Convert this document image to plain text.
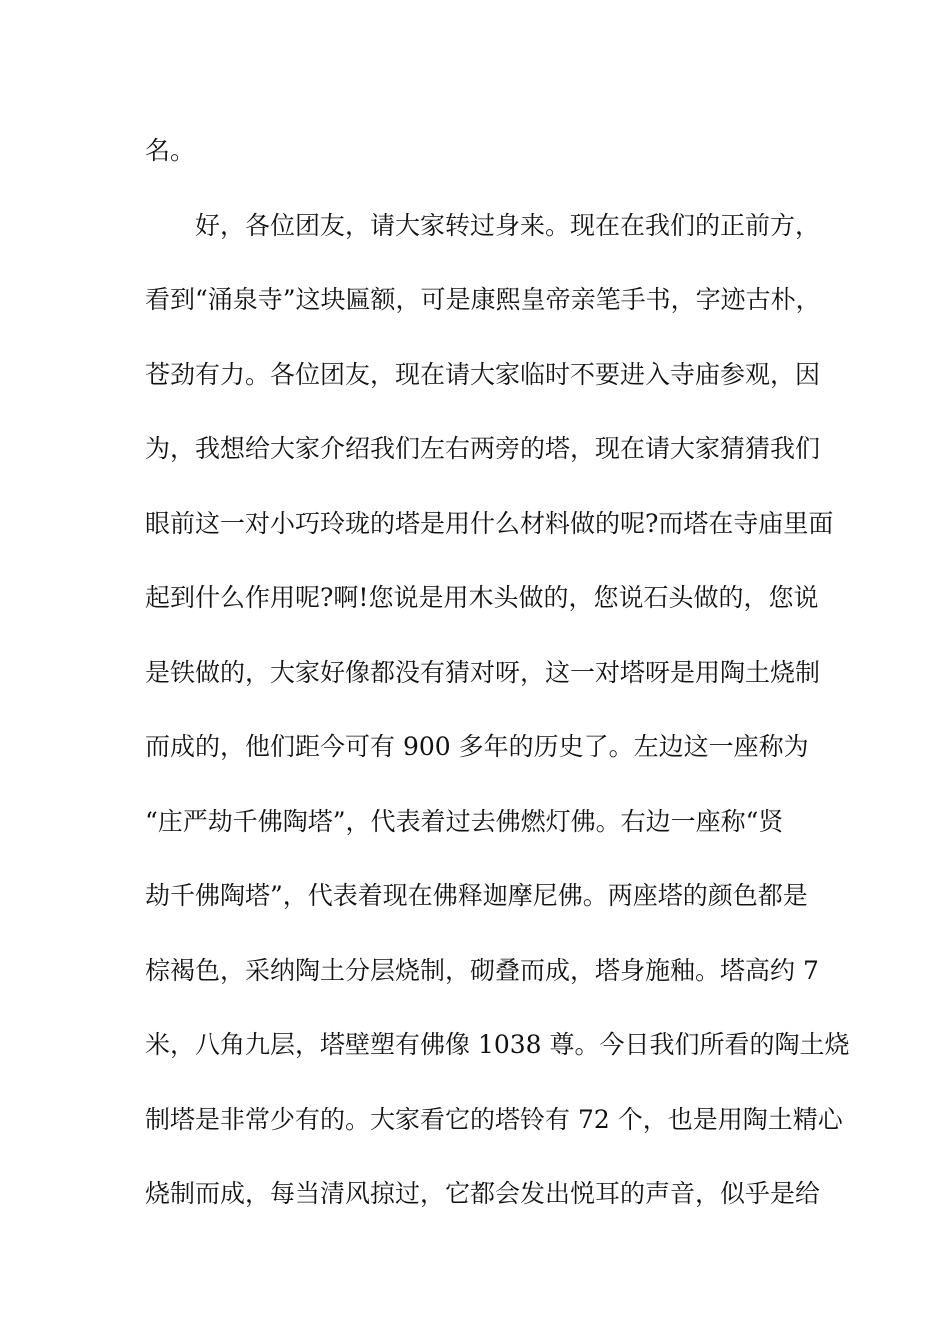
名。
好，各位团友，请大家转过身来。现在在我们的正前方，
看到“涌泉寺”这块匾额，可是康熙皇帝亲笔手书，字迹古朴，
苍劲有力。各位团友，现在请大家临时不要进入寺庙参观，因
为，我想给大家介绍我们左右两旁的塔，现在请大家猜猜我们
眼前这一对小巧玲珑的塔是用什么材料做的呢?而塔在寺庙里面
起到什么作用呢?啊!您说是用木头做的，您说石头做的，您说
是铁做的，大家好像都没有猜对呀，这一对塔呀是用陶土烧制
而成的，他们距今可有 900 多年的历史了。左边这一座称为
“庄严劫千佛陶塔”，代表着过去佛燃灯佛。右边一座称“贤
劫千佛陶塔”，代表着现在佛释迦摩尼佛。两座塔的颜色都是
棕褐色，采纳陶土分层烧制，砌叠而成，塔身施釉。塔高约 7
米，八角九层，塔壁塑有佛像 1038 尊。今日我们所看的陶土烧
制塔是非常少有的。大家看它的塔铃有 72 个，也是用陶土精心
烧制而成，每当清风掠过，它都会发出悦耳的声音，似乎是给
